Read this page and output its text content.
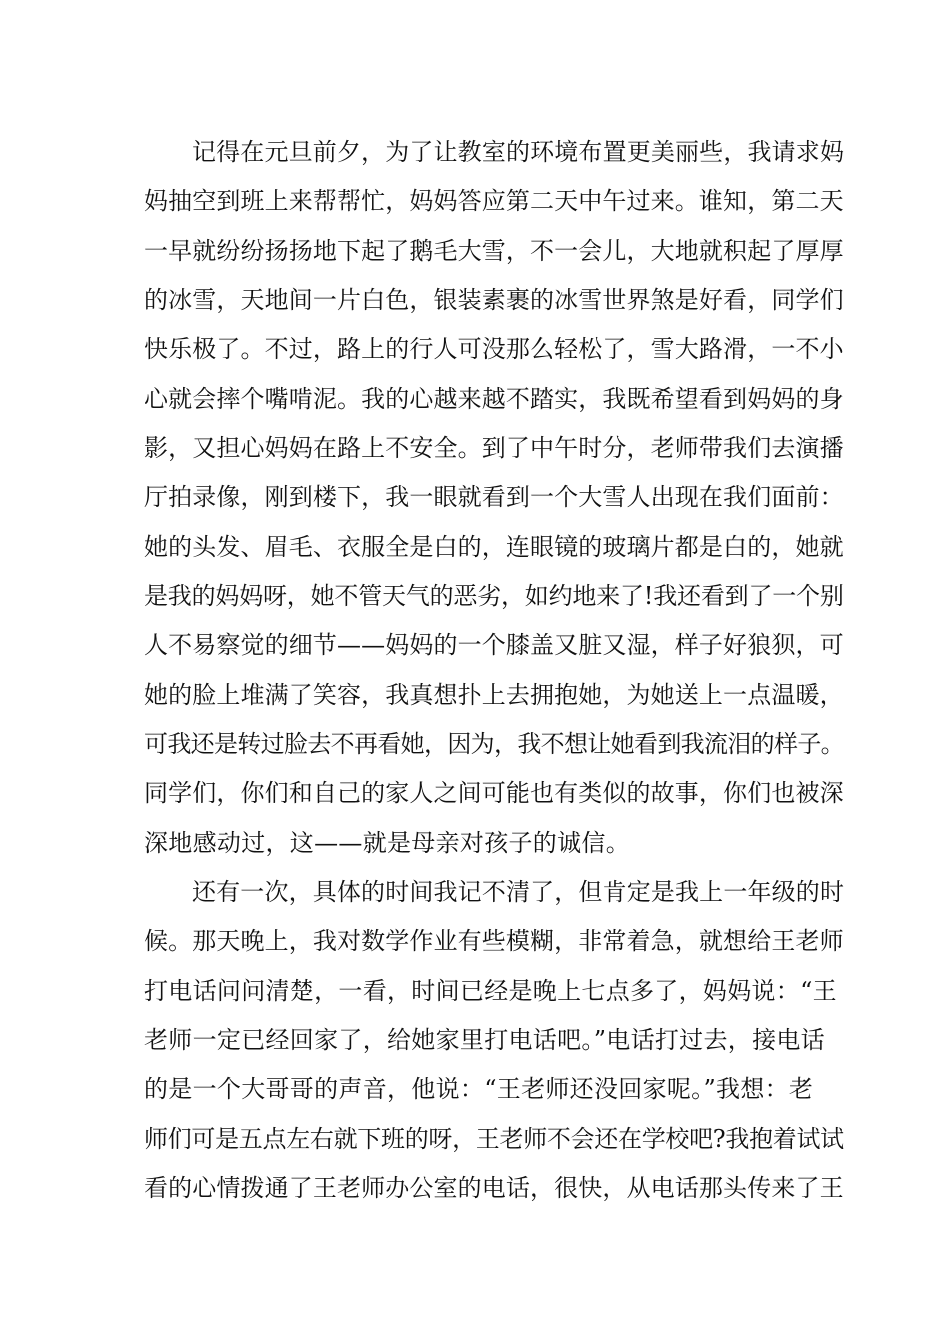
记得在元旦前夕，为了让教室的环境布置更美丽些，我请求妈
妈抽空到班上来帮帮忙，妈妈答应第二天中午过来。谁知，第二天
一早就纷纷扬扬地下起了鹅毛大雪，不一会儿，大地就积起了厚厚
的冰雪，天地间一片白色，银装素裹的冰雪世界煞是好看，同学们
快乐极了。不过，路上的行人可没那么轻松了，雪大路滑，一不小
心就会摔个嘴啃泥。我的心越来越不踏实，我既希望看到妈妈的身
影，又担心妈妈在路上不安全。到了中午时分，老师带我们去演播
厅拍录像，刚到楼下，我一眼就看到一个大雪人出现在我们面前：
她的头发、眉毛、衣服全是白的，连眼镜的玻璃片都是白的，她就
是我的妈妈呀，她不管天气的恶劣，如约地来了!我还看到了一个别
人不易察觉的细节——妈妈的一个膝盖又脏又湿，样子好狼狈，可
她的脸上堆满了笑容，我真想扑上去拥抱她，为她送上一点温暖，
可我还是转过脸去不再看她，因为，我不想让她看到我流泪的样子。
同学们，你们和自己的家人之间可能也有类似的故事，你们也被深
深地感动过，这——就是母亲对孩子的诚信。
还有一次，具体的时间我记不清了，但肯定是我上一年级的时
候。那天晚上，我对数学作业有些模糊，非常着急，就想给王老师
打电话问问清楚，一看，时间已经是晚上七点多了，妈妈说：“王
老师一定已经回家了，给她家里打电话吧。”电话打过去，接电话
的是一个大哥哥的声音，他说：“王老师还没回家呢。”我想：老
师们可是五点左右就下班的呀，王老师不会还在学校吧?我抱着试试
看的心情拨通了王老师办公室的电话，很快，从电话那头传来了王
